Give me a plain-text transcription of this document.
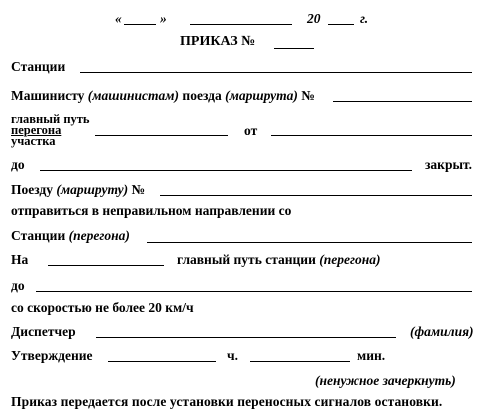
«	»	20	г.
ПРИКАЗ №
Станции
Машинисту (машинистам) поезда (маршрута) №
главный путь
перегона
участка
от
до	закрыт.
Поезду (маршруту) №
отправиться в неправильном направлении со
Станции (перегона)
На	главный путь станции (перегона)
до
со скоростью не более 20 км/ч
Диспетчер	(фамилия)
Утверждение	ч.	мин.
(ненужное зачеркнуть)
Приказ передается после установки переносных сигналов остановки.
